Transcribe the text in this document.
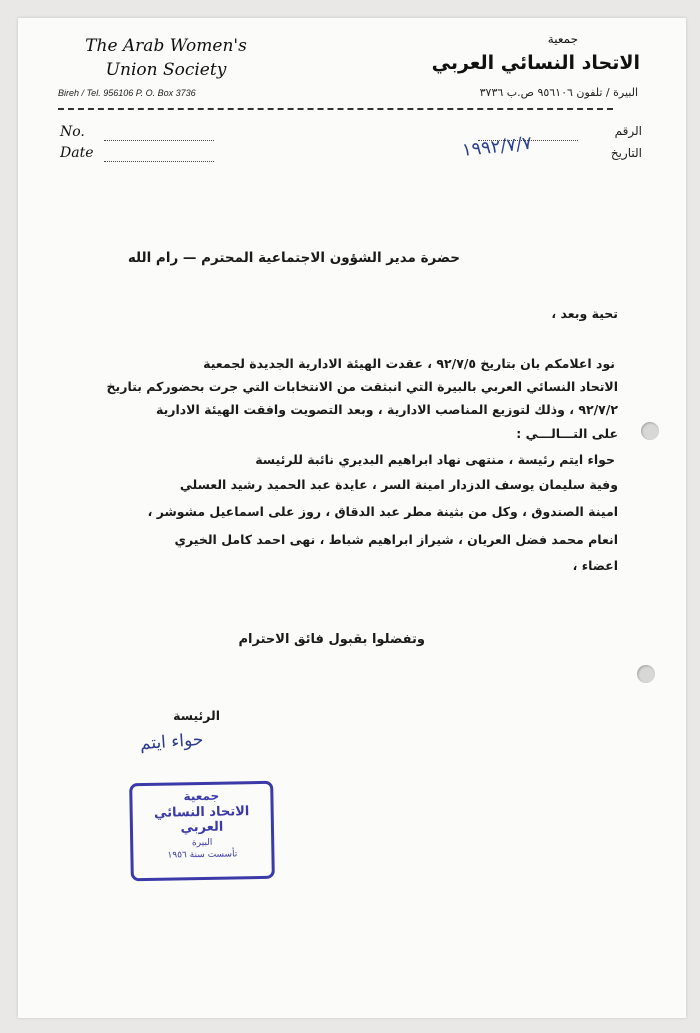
The Arab Women's
Union Society
Bireh / Tel. 956106 P. O. Box 3736
جمعية
الاتحاد النسائي العربي
البيرة / تلفون ٩٥٦١٠٦ ص.ب ٣٧٣٦
No.
Date
الرقم
التاريخ
١٩٩٢/٧/٧
حضرة مدير الشؤون الاجتماعية المحترم — رام الله
تحية وبعد ،
نود اعلامكم بان بتاريخ ٩٢/٧/٥ ، عقدت الهيئة الادارية الجديدة لجمعية
الاتحاد النسائي العربي بالبيرة التي انبثقت من الانتخابات التي جرت بحضوركم بتاريخ
٩٢/٧/٢ ، وذلك لتوزيع المناصب الادارية ، وبعد التصويت وافقت الهيئة الادارية
على التـــالـــي :
حواء ايتم رئيسة ، منتهى نهاد ابراهيم البديري نائبة للرئيسة
وفية سليمان يوسف الدزدار امينة السر ، عايدة عبد الحميد رشيد العسلي
امينة الصندوق ، وكل من بثينة مطر عبد الدقاق ، روز على اسماعيل مشوشر ،
انعام محمد فضل العريان ، شيراز ابراهيم شباط ، نهى احمد كامل الخيري
اعضاء ،
وتفضلوا بقبول فائق الاحترام
الرئيسة
حواء ايتم
جمعية
الاتحاد النسائي العربي
البيرة
تأسست سنة ١٩٥٦
